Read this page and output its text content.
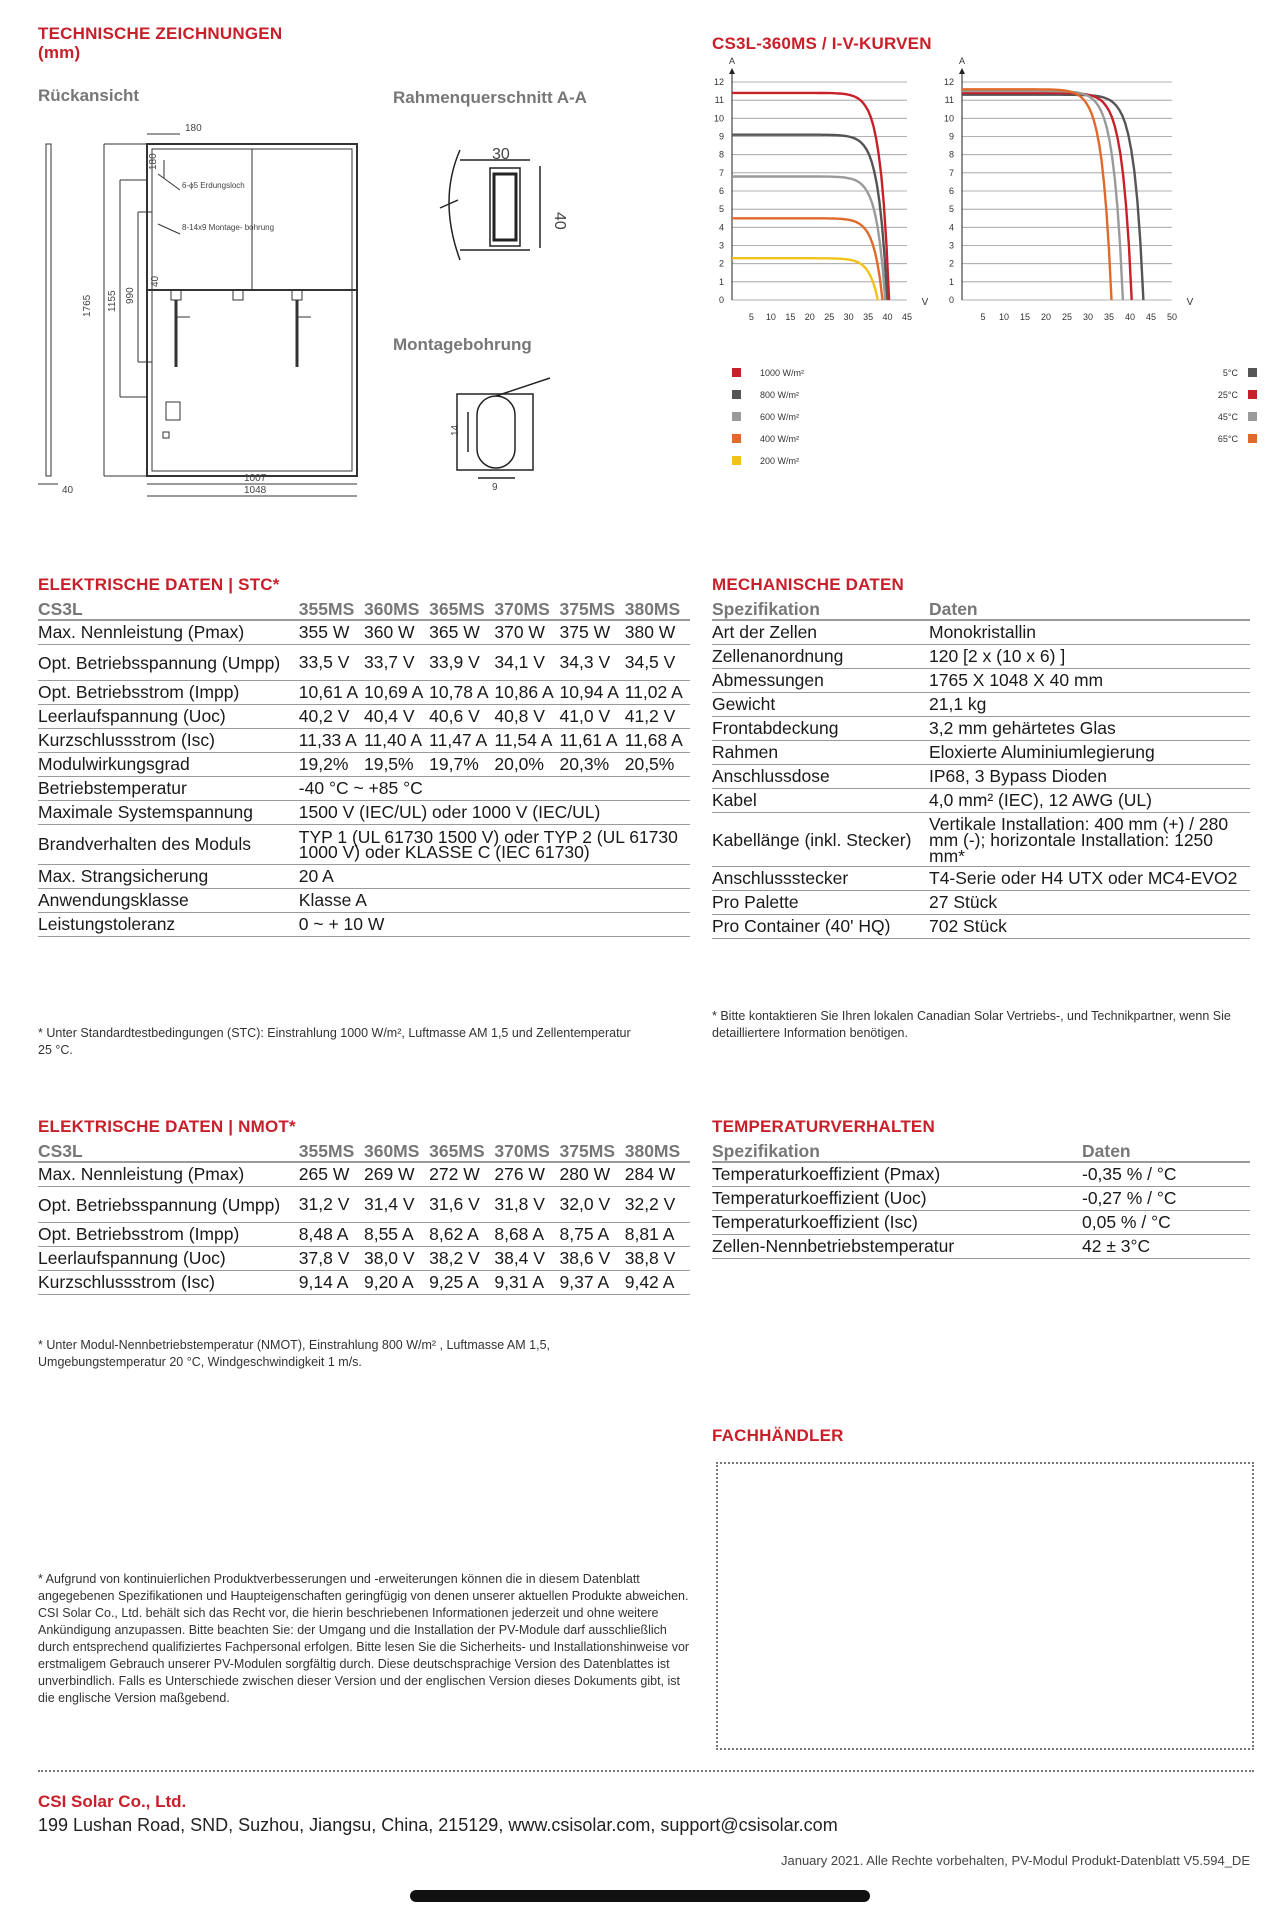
TECHNISCHE ZEICHNUNGEN
(mm)
Rückansicht	Rahmenquerschnitt A-A
Montagebohrung
180
180
1765 1155 990
40
1007
1048
40
6-ϕ5 Erdungsloch
8-14x9 Montage- bohrung
30
40
14
9
CS3L-360MS / I-V-KURVEN
A
12
11
10
9
8
7
6
5
4
3
2
1
0
5 10 15 20 25 30 35 40 45
V
A
12
11
10
9
8
7
6
5
4
3
2
1
0
5 10 15 20 25 30 35 40 45 50
V
1000 W/m²
800 W/m²
600 W/m²
400 W/m²
200 W/m²
5°C
25°C
45°C
65°C
ELEKTRISCHE DATEN | STC*
CS3L	355MS	360MS	365MS	370MS	375MS	380MS
Max. Nennleistung (Pmax)	355 W	360 W	365 W	370 W	375 W	380 W
Opt. Betriebsspannung (Umpp)	33,5 V	33,7 V	33,9 V	34,1 V	34,3 V	34,5 V
Opt. Betriebsstrom (Impp)	10,61 A	10,69 A	10,78 A	10,86 A	10,94 A	11,02 A
Leerlaufspannung (Uoc)	40,2 V	40,4 V	40,6 V	40,8 V	41,0 V	41,2 V
Kurzschlussstrom (Isc)	11,33 A	11,40 A	11,47 A	11,54 A	11,61 A	11,68 A
Modulwirkungsgrad	19,2%	19,5%	19,7%	20,0%	20,3%	20,5%
Betriebstemperatur	-40 °C ~ +85 °C					
Maximale Systemspannung	1500 V (IEC/UL) oder 1000 V (IEC/UL)					
Brandverhalten des Moduls	TYP 1 (UL 61730 1500 V) oder TYP 2 (UL 61730 1000 V) oder KLASSE C (IEC 61730)					
Max. Strangsicherung	20 A					
Anwendungsklasse	Klasse A					
Leistungstoleranz	0 ~ + 10 W					
* Unter Standardtestbedingungen (STC): Einstrahlung 1000 W/m², Luftmasse AM 1,5 und Zellentemperatur 25 °C.
MECHANISCHE DATEN
Spezifikation	Daten
Art der Zellen	Monokristallin
Zellenanordnung	120 [2 x (10 x 6) ]
Abmessungen	1765 X 1048 X 40 mm
Gewicht	21,1 kg
Frontabdeckung	3,2 mm gehärtetes Glas
Rahmen	Eloxierte Aluminiumlegierung
Anschlussdose	IP68, 3 Bypass Dioden
Kabel	4,0 mm² (IEC), 12 AWG (UL)
Kabellänge (inkl. Stecker)	Vertikale Installation: 400 mm (+) / 280 mm (-); horizontale Installation: 1250 mm*
Anschlussstecker	T4-Serie oder H4 UTX oder MC4-EVO2
Pro Palette	27 Stück
Pro Container (40' HQ)	702 Stück
* Bitte kontaktieren Sie Ihren lokalen Canadian Solar Vertriebs-, und Technikpartner, wenn Sie detailliertere Information benötigen.
ELEKTRISCHE DATEN | NMOT*
CS3L	355MS	360MS	365MS	370MS	375MS	380MS
Max. Nennleistung (Pmax)	265 W	269 W	272 W	276 W	280 W	284 W
Opt. Betriebsspannung (Umpp)	31,2 V	31,4 V	31,6 V	31,8 V	32,0 V	32,2 V
Opt. Betriebsstrom (Impp)	8,48 A	8,55 A	8,62 A	8,68 A	8,75 A	8,81 A
Leerlaufspannung (Uoc)	37,8 V	38,0 V	38,2 V	38,4 V	38,6 V	38,8 V
Kurzschlussstrom (Isc)	9,14 A	9,20 A	9,25 A	9,31 A	9,37 A	9,42 A
* Unter Modul-Nennbetriebstemperatur (NMOT), Einstrahlung 800 W/m² , Luftmasse AM 1,5, Umgebungstemperatur 20 °C, Windgeschwindigkeit 1 m/s.
TEMPERATURVERHALTEN
Spezifikation	Daten
Temperaturkoeffizient (Pmax)	-0,35 % / °C
Temperaturkoeffizient (Uoc)	-0,27 % / °C
Temperaturkoeffizient (Isc)	0,05 % / °C
Zellen-Nennbetriebstemperatur	42 ± 3°C
FACHHÄNDLER
* Aufgrund von kontinuierlichen Produktverbesserungen und -erweiterungen können die in diesem Datenblatt angegebenen Spezifikationen und Haupteigenschaften geringfügig von denen unserer aktuellen Produkte abweichen. CSI Solar Co., Ltd. behält sich das Recht vor, die hierin beschriebenen Informationen jederzeit und ohne weitere Ankündigung anzupassen. Bitte beachten Sie: der Umgang und die Installation der PV-Module darf ausschließlich durch entsprechend qualifiziertes Fachpersonal erfolgen. Bitte lesen Sie die Sicherheits- und Installationshinweise vor erstmaligem Gebrauch unserer PV-Modulen sorgfältig durch. Diese deutschsprachige Version des Datenblattes ist unverbindlich. Falls es Unterschiede zwischen dieser Version und der englischen Version dieses Dokuments gibt, ist die englische Version maßgebend.
CSI Solar Co., Ltd.
199 Lushan Road, SND, Suzhou, Jiangsu, China, 215129, www.csisolar.com, support@csisolar.com
January 2021. Alle Rechte vorbehalten, PV-Modul Produkt-Datenblatt V5.594_DE
